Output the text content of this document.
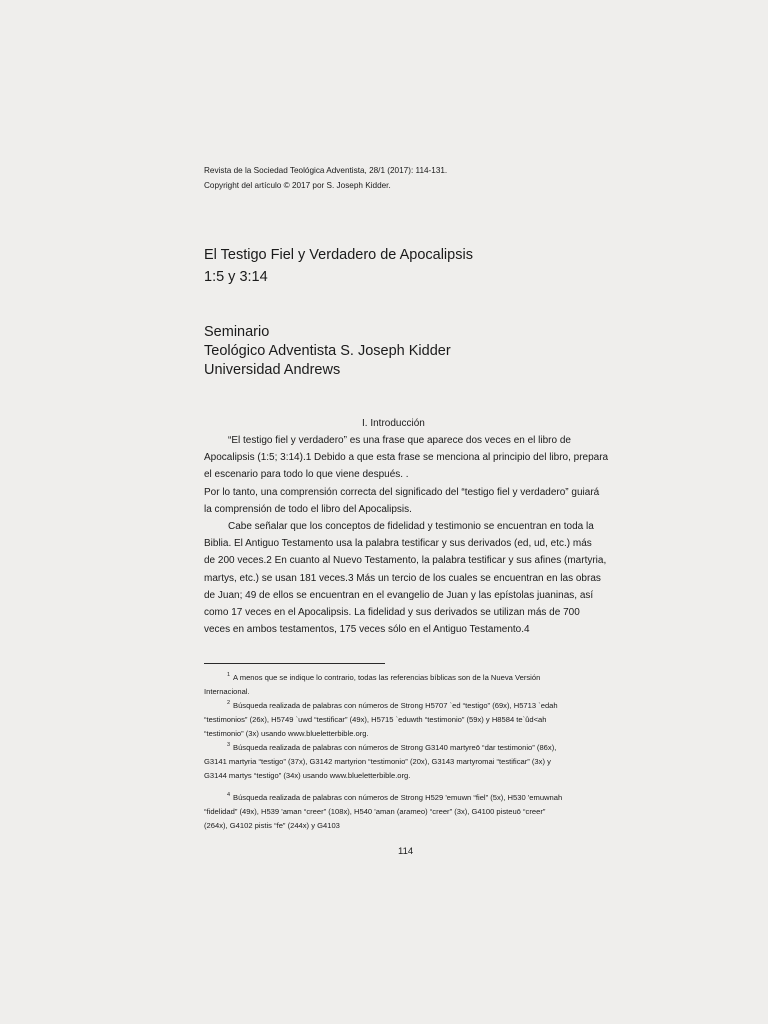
Revista de la Sociedad Teológica Adventista, 28/1 (2017): 114-131.
Copyright del artículo © 2017 por S. Joseph Kidder.
El Testigo Fiel y Verdadero de Apocalipsis
1:5 y 3:14
Seminario
Teológico Adventista S. Joseph Kidder
Universidad Andrews
I. Introducción

“El testigo fiel y verdadero” es una frase que aparece dos veces en el libro de

Apocalipsis (1:5; 3:14).1 Debido a que esta frase se menciona al principio del libro, prepara

el escenario para todo lo que viene después. .

Por lo tanto, una comprensión correcta del significado del “testigo fiel y verdadero” guiará

la comprensión de todo el libro del Apocalipsis.

Cabe señalar que los conceptos de fidelidad y testimonio se encuentran en toda la

Biblia. El Antiguo Testamento usa la palabra testificar y sus derivados (ed, ud, etc.) más

de 200 veces.2 En cuanto al Nuevo Testamento, la palabra testificar y sus afines (martyria,

martys, etc.) se usan 181 veces.3 Más un tercio de los cuales se encuentran en las obras

de Juan; 49 de ellos se encuentran en el evangelio de Juan y las epístolas juaninas, así

como 17 veces en el Apocalipsis. La fidelidad y sus derivados se utilizan más de 700

veces en ambos testamentos, 175 veces sólo en el Antiguo Testamento.4

$^1$ A menos que se indique lo contrario, todas las referencias bíblicas son de la Nueva Versión

Internacional.

$^2$ Búsqueda realizada de palabras con números de Strong H5707 `ed “testigo” (69x), H5713 `edah

“testimonios” (26x), H5749 `uwd “testificar” (49x), H5715 `eduwth “testimonio” (59x) y H8584 te`ûd<ah

“testimonio” (3x) usando www.blueletterbible.org.

$^3$ Búsqueda realizada de palabras con números de Strong G3140 martyreō “dar testimonio” (86x),

G3141 martyria “testigo” (37x), G3142 martyrion “testimonio” (20x), G3143 martyromai “testificar” (3x) y

G3144 martys “testigo” (34x) usando www.blueletterbible.org.

$^4$ Búsqueda realizada de palabras con números de Strong H529 'emuwn “fiel” (5x), H530 'emuwnah

“fidelidad” (49x), H539 'aman “creer” (108x), H540 'aman (arameo) “creer” (3x), G4100 pisteuō “creer”

(264x), G4102 pistis “fe” (244x) y G4103

114
